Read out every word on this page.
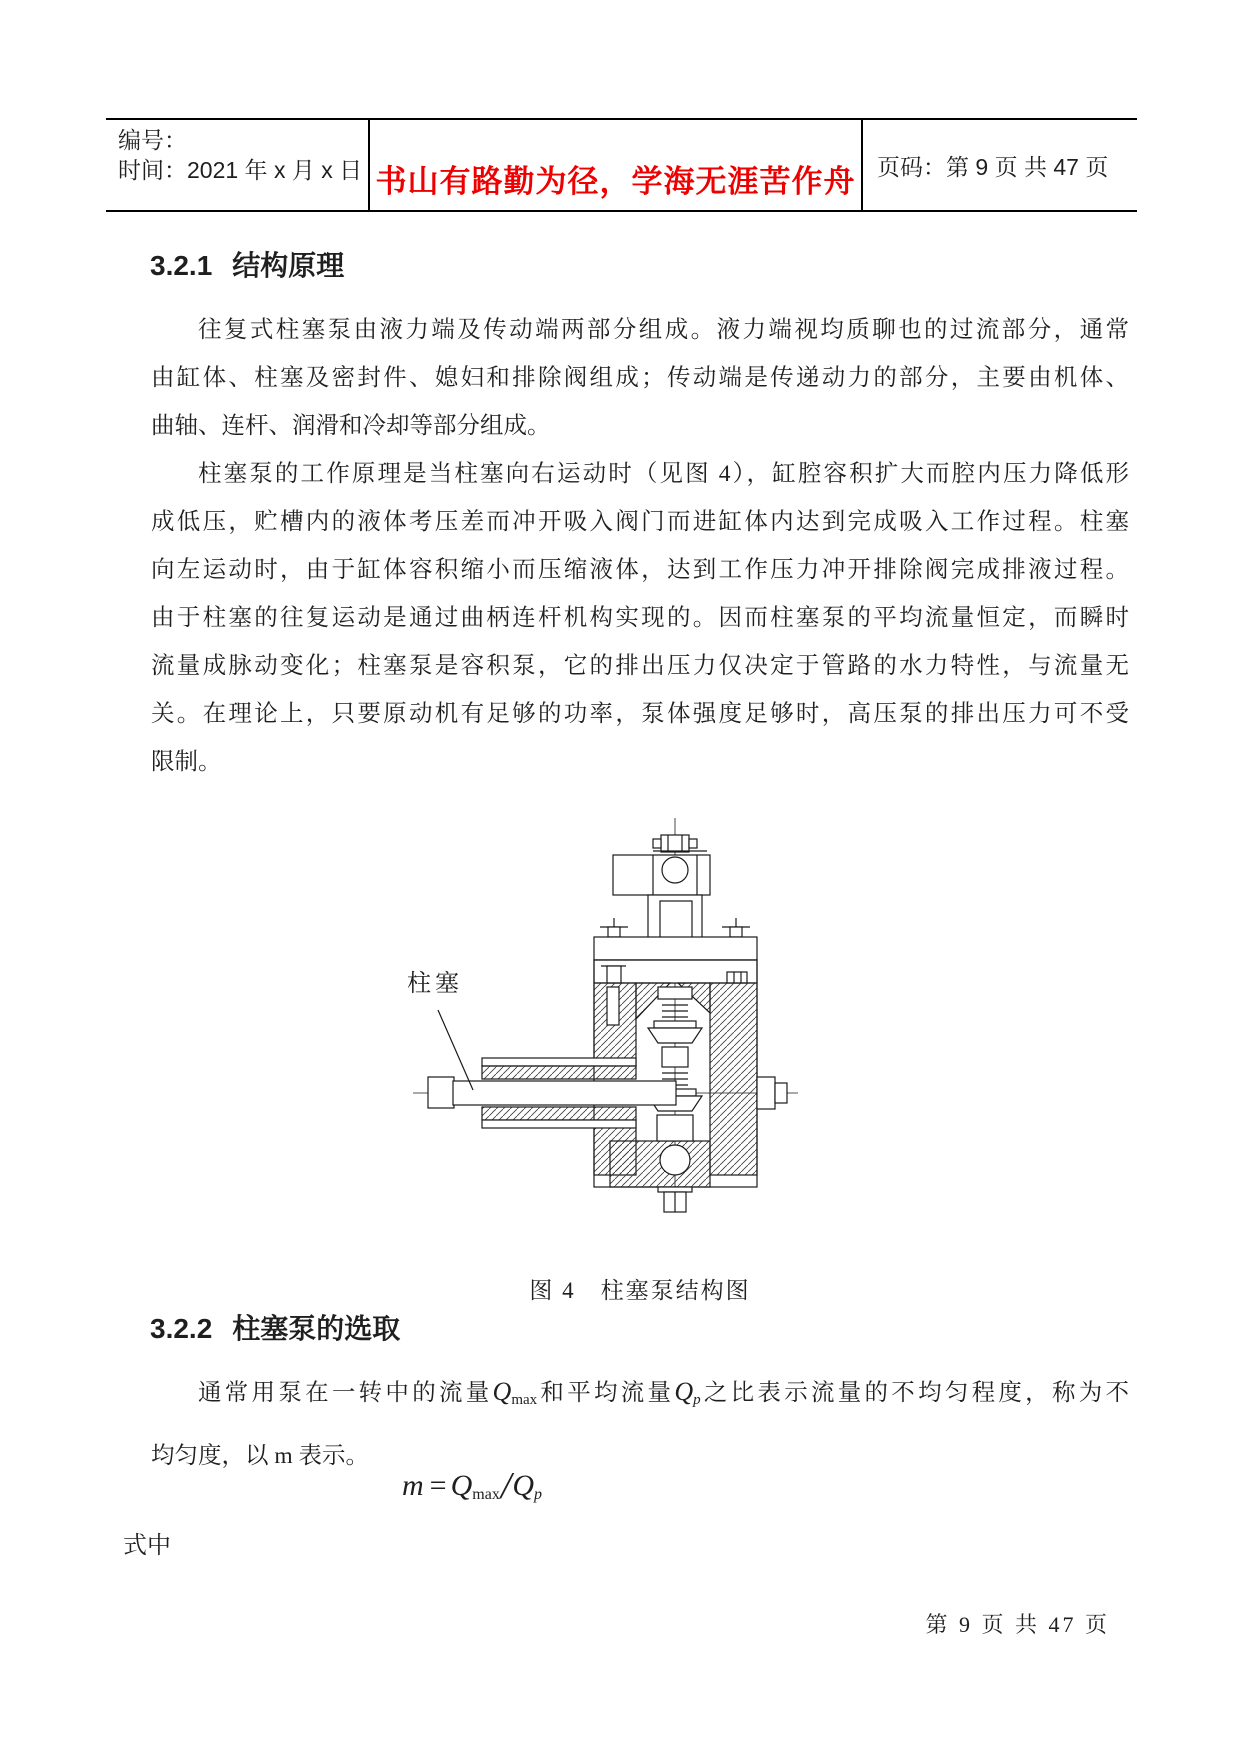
编号：
时间：2021 年 x 月 x 日 书山有路勤为径，学海无涯苦作舟 页码：第 9 页 共 47 页
3.2.1 结构原理
往复式柱塞泵由液力端及传动端两部分组成。液力端视均质聊也的过流部分，通常
由缸体、柱塞及密封件、媳妇和排除阀组成；传动端是传递动力的部分，主要由机体、
曲轴、连杆、润滑和冷却等部分组成。
柱塞泵的工作原理是当柱塞向右运动时（见图 4），缸腔容积扩大而腔内压力降低形
成低压，贮槽内的液体考压差而冲开吸入阀门而进缸体内达到完成吸入工作过程。柱塞
向左运动时，由于缸体容积缩小而压缩液体，达到工作压力冲开排除阀完成排液过程。
由于柱塞的往复运动是通过曲柄连杆机构实现的。因而柱塞泵的平均流量恒定，而瞬时
流量成脉动变化；柱塞泵是容积泵，它的排出压力仅决定于管路的水力特性，与流量无
关。在理论上，只要原动机有足够的功率，泵体强度足够时，高压泵的排出压力可不受
限制。
柱塞
图 4　柱塞泵结构图
3.2.2 柱塞泵的选取
通常用泵在一转中的流量Qmax和平均流量Qp之比表示流量的不均匀程度，称为不
均匀度，以 m 表示。
m = Qmax/Qp
式中
第 9 页 共 47 页
